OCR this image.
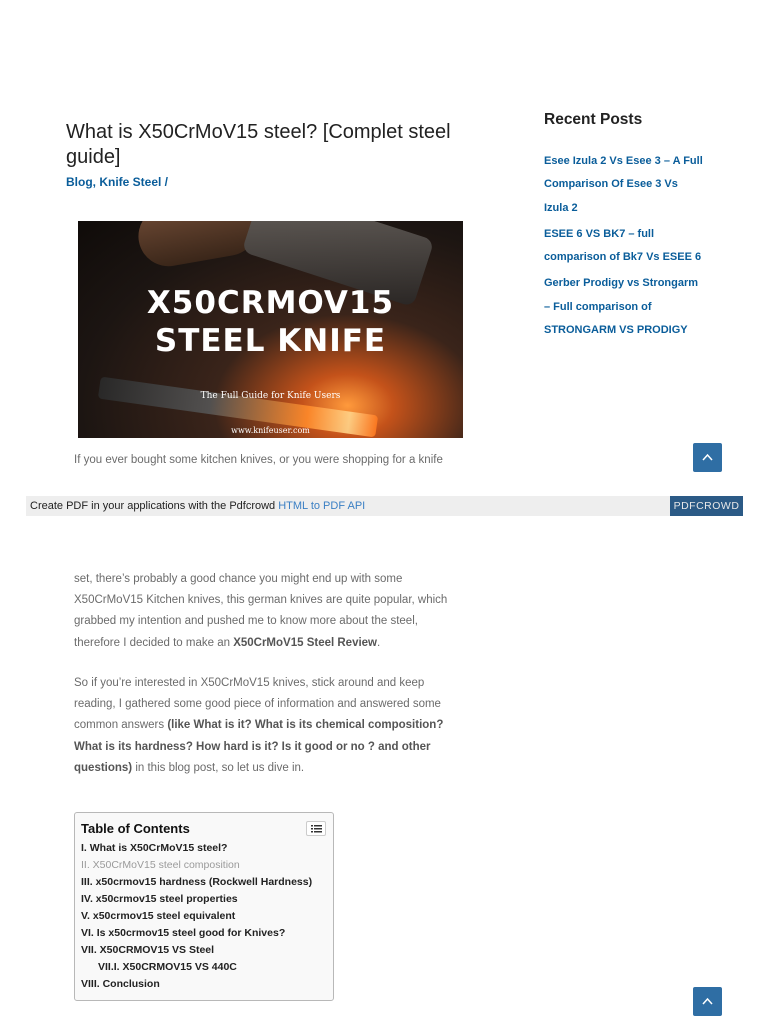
What is X50CrMoV15 steel? [Complet steel guide]
Blog, Knife Steel /
X50CRMOV15
STEEL KNIFE
The Full Guide for Knife Users
www.knifeuser.com

If you ever bought some kitchen knives, or you were shopping for a knife

Create PDF in your applications with the Pdfcrowd HTML to PDF API	PDFCROWD

set, there’s probably a good chance you might end up with some X50CrMoV15 Kitchen knives, this german knives are quite popular, which grabbed my intention and pushed me to know more about the steel, therefore I decided to make an X50CrMoV15 Steel Review.

So if you’re interested in X50CrMoV15 knives, stick around and keep reading, I gathered some good piece of information and answered some common answers (like What is it? What is its chemical composition? What is its hardness? How hard is it? Is it good or no ? and other questions) in this blog post, so let us dive in.

Table of Contents
I. What is X50CrMoV15 steel?
II. X50CrMoV15 steel composition
III. x50crmov15 hardness (Rockwell Hardness)
IV. x50crmov15 steel properties
V. x50crmov15 steel equivalent
VI. Is x50crmov15 steel good for Knives?
VII. X50CRMOV15 VS Steel
VII.I. X50CRMOV15 VS 440C
VIII. Conclusion
Recent Posts
Esee Izula 2 Vs Esee 3 – A Full Comparison Of Esee 3 Vs Izula 2
ESEE 6 VS BK7 – full comparison of Bk7 Vs ESEE 6
Gerber Prodigy vs Strongarm – Full comparison of STRONGARM VS PRODIGY
